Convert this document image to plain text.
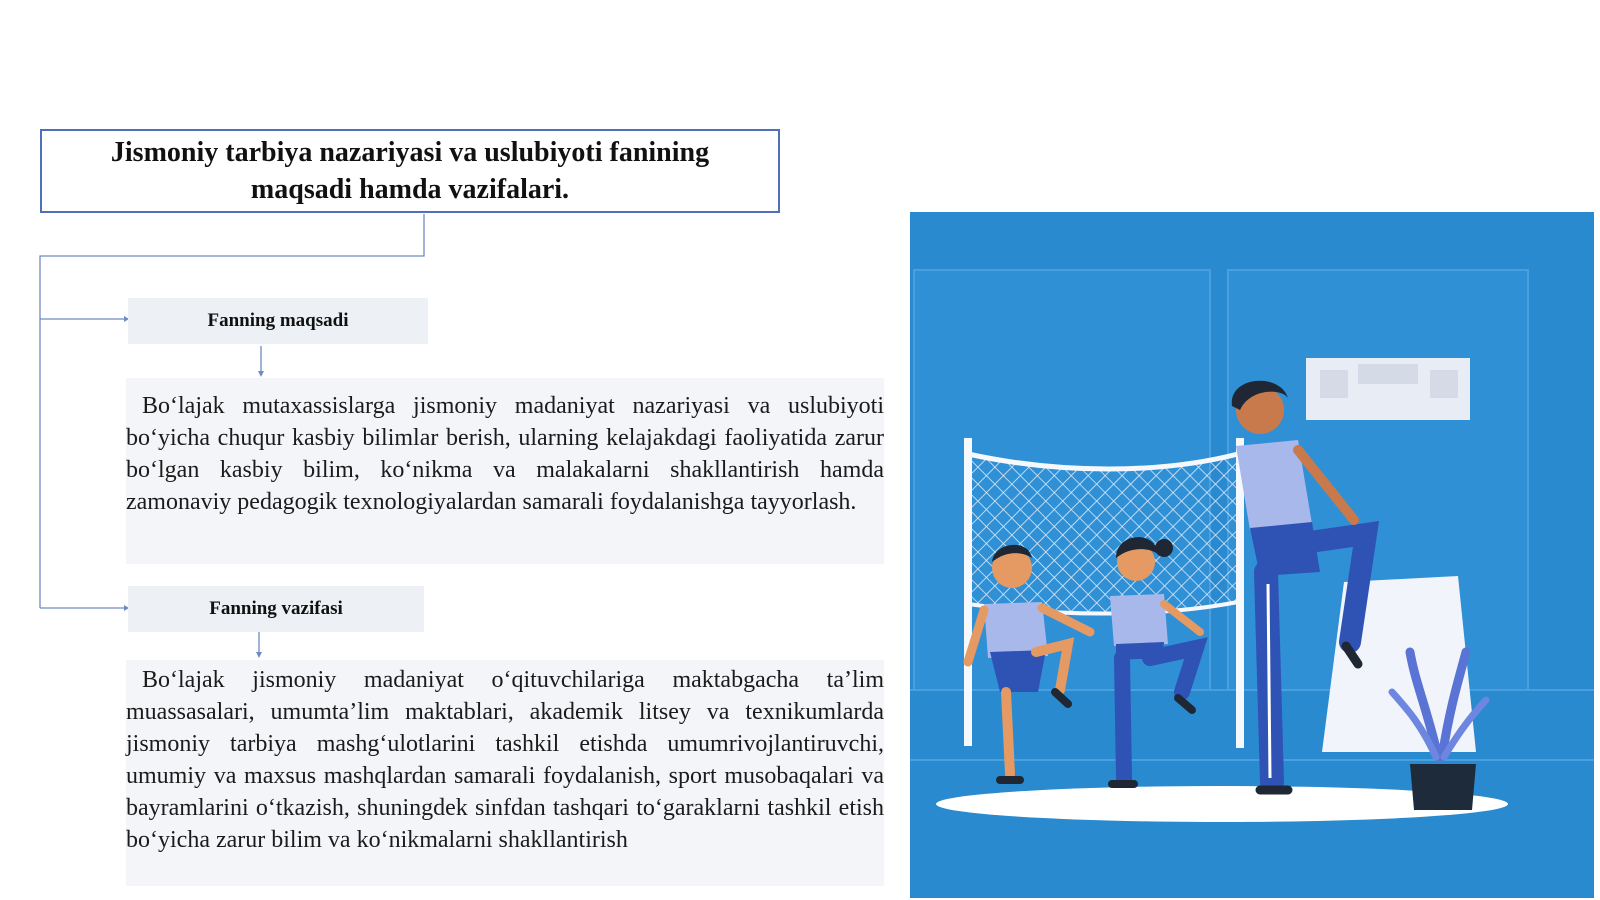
Jismoniy tarbiya nazariyasi va uslubiyoti fanining maqsadi hamda vazifalari.
Fanning maqsadi
Bo‘lajak mutaxassislarga jismoniy madaniyat nazariyasi va uslubiyoti bo‘yicha chuqur kasbiy bilimlar berish, ularning kelajakdagi faoliyatida zarur bo‘lgan kasbiy bilim, ko‘nikma va malakalarni shakllantirish hamda zamonaviy pedagogik texnologiyalardan samarali foydalanishga tayyorlash.
Fanning vazifasi
Bo‘lajak jismoniy madaniyat o‘qituvchilariga maktabgacha ta’lim muassasalari, umumta’lim maktablari, akademik litsey va texnikumlarda jismoniy tarbiya mashg‘ulotlarini tashkil etishda umumrivojlantiruvchi, umumiy va maxsus mashqlardan samarali foydalanish, sport musobaqalari va bayramlarini o‘tkazish, shuningdek sinfdan tashqari to‘garaklarni tashkil etish bo‘yicha zarur bilim va ko‘nikmalarni shakllantirish
